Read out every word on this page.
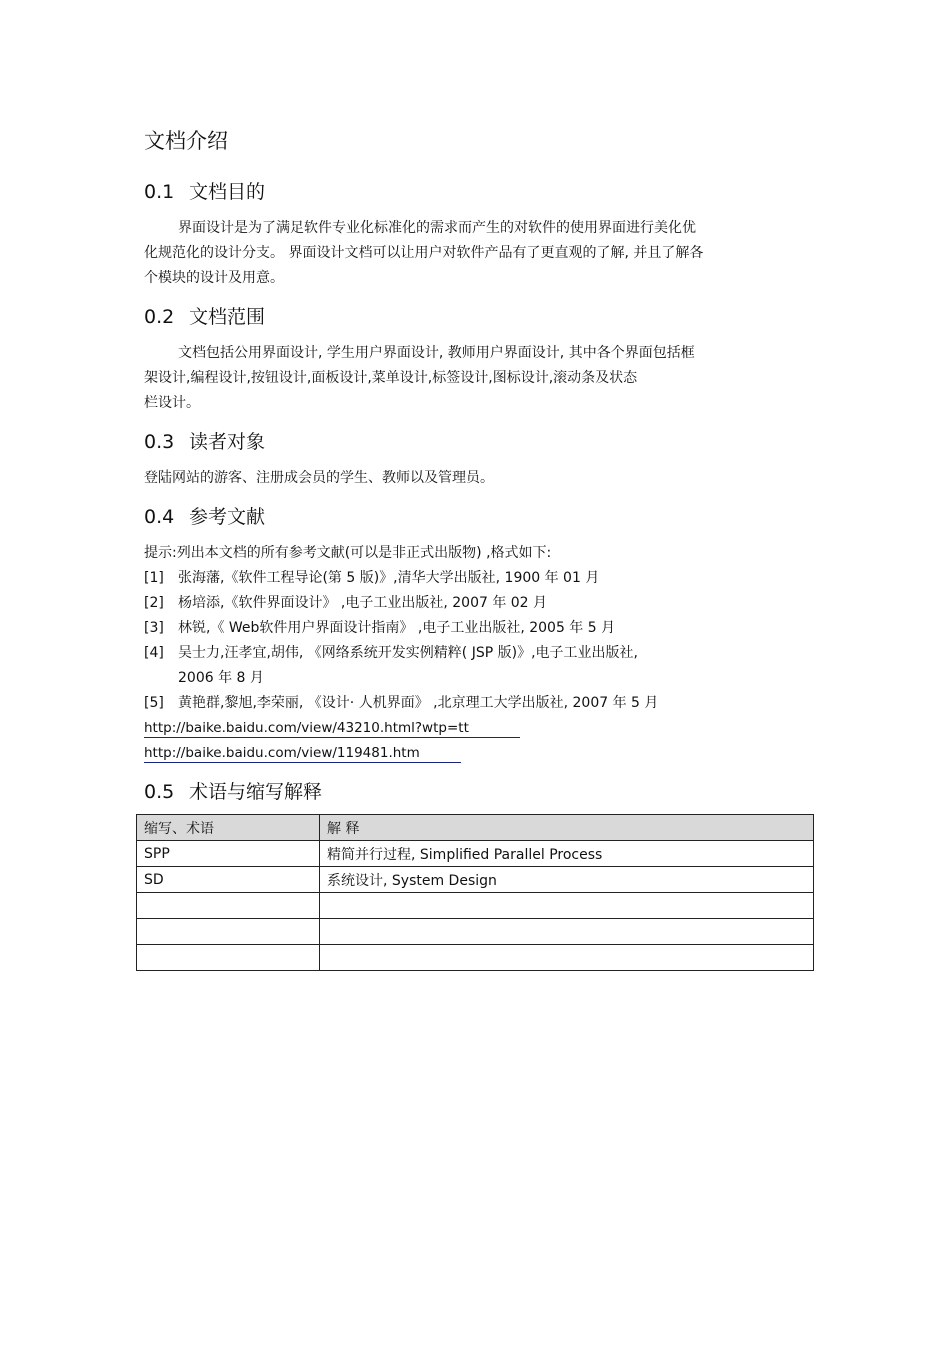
文档介绍
0.1 文档目的
界面设计是为了满足软件专业化标准化的需求而产生的对软件的使用界面进行美化优
化规范化的设计分支。 界面设计文档可以让用户对软件产品有了更直观的了解, 并且了解各
个模块的设计及用意。
0.2 文档范围
文档包括公用界面设计, 学生用户界面设计, 教师用户界面设计, 其中各个界面包括框
架设计,编程设计,按钮设计,面板设计,菜单设计,标签设计,图标设计,滚动条及状态
栏设计。
0.3 读者对象
登陆网站的游客、注册成会员的学生、教师以及管理员。
0.4 参考文献
提示:列出本文档的所有参考文献(可以是非正式出版物) ,格式如下:
[1] 张海藩,《软件工程导论(第 5 版)》,清华大学出版社, 1900 年 01 月
[2] 杨培添,《软件界面设计》 ,电子工业出版社, 2007 年 02 月
[3] 林锐,《 Web软件用户界面设计指南》 ,电子工业出版社, 2005 年 5 月
[4] 吴士力,汪孝宜,胡伟, 《网络系统开发实例精粹( JSP 版)》,电子工业出版社,
2006 年 8 月
[5] 黄艳群,黎旭,李荣丽, 《设计· 人机界面》 ,北京理工大学出版社, 2007 年 5 月
http://baike.baidu.com/view/43210.html?wtp=tt
http://baike.baidu.com/view/119481.htm
0.5 术语与缩写解释
缩写、术语	解 释
SPP	精简并行过程, Simplified Parallel Process
SD	系统设计, System Design
